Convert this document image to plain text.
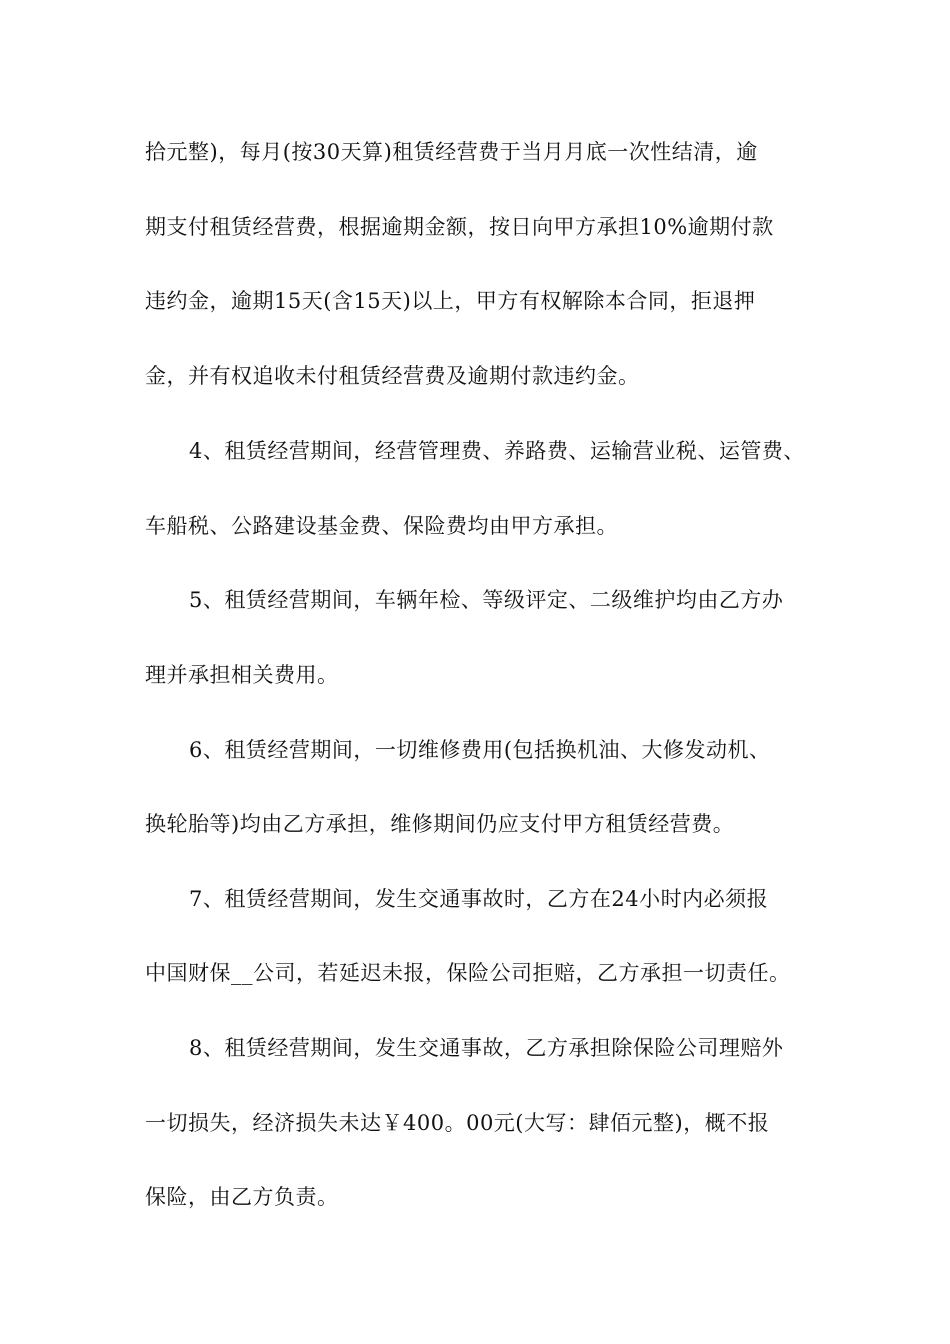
拾元整)，每月(按30天算)租赁经营费于当月月底一次性结清，逾
期支付租赁经营费，根据逾期金额，按日向甲方承担10%逾期付款
违约金，逾期15天(含15天)以上，甲方有权解除本合同，拒退押
金，并有权追收未付租赁经营费及逾期付款违约金。
4、租赁经营期间，经营管理费、养路费、运输营业税、运管费、
车船税、公路建设基金费、保险费均由甲方承担。
5、租赁经营期间，车辆年检、等级评定、二级维护均由乙方办
理并承担相关费用。
6、租赁经营期间，一切维修费用(包括换机油、大修发动机、
换轮胎等)均由乙方承担，维修期间仍应支付甲方租赁经营费。
7、租赁经营期间，发生交通事故时，乙方在24小时内必须报
中国财保__公司，若延迟未报，保险公司拒赔，乙方承担一切责任。
8、租赁经营期间，发生交通事故，乙方承担除保险公司理赔外
一切损失，经济损失未达￥400。00元(大写：肆佰元整)，概不报
保险，由乙方负责。
